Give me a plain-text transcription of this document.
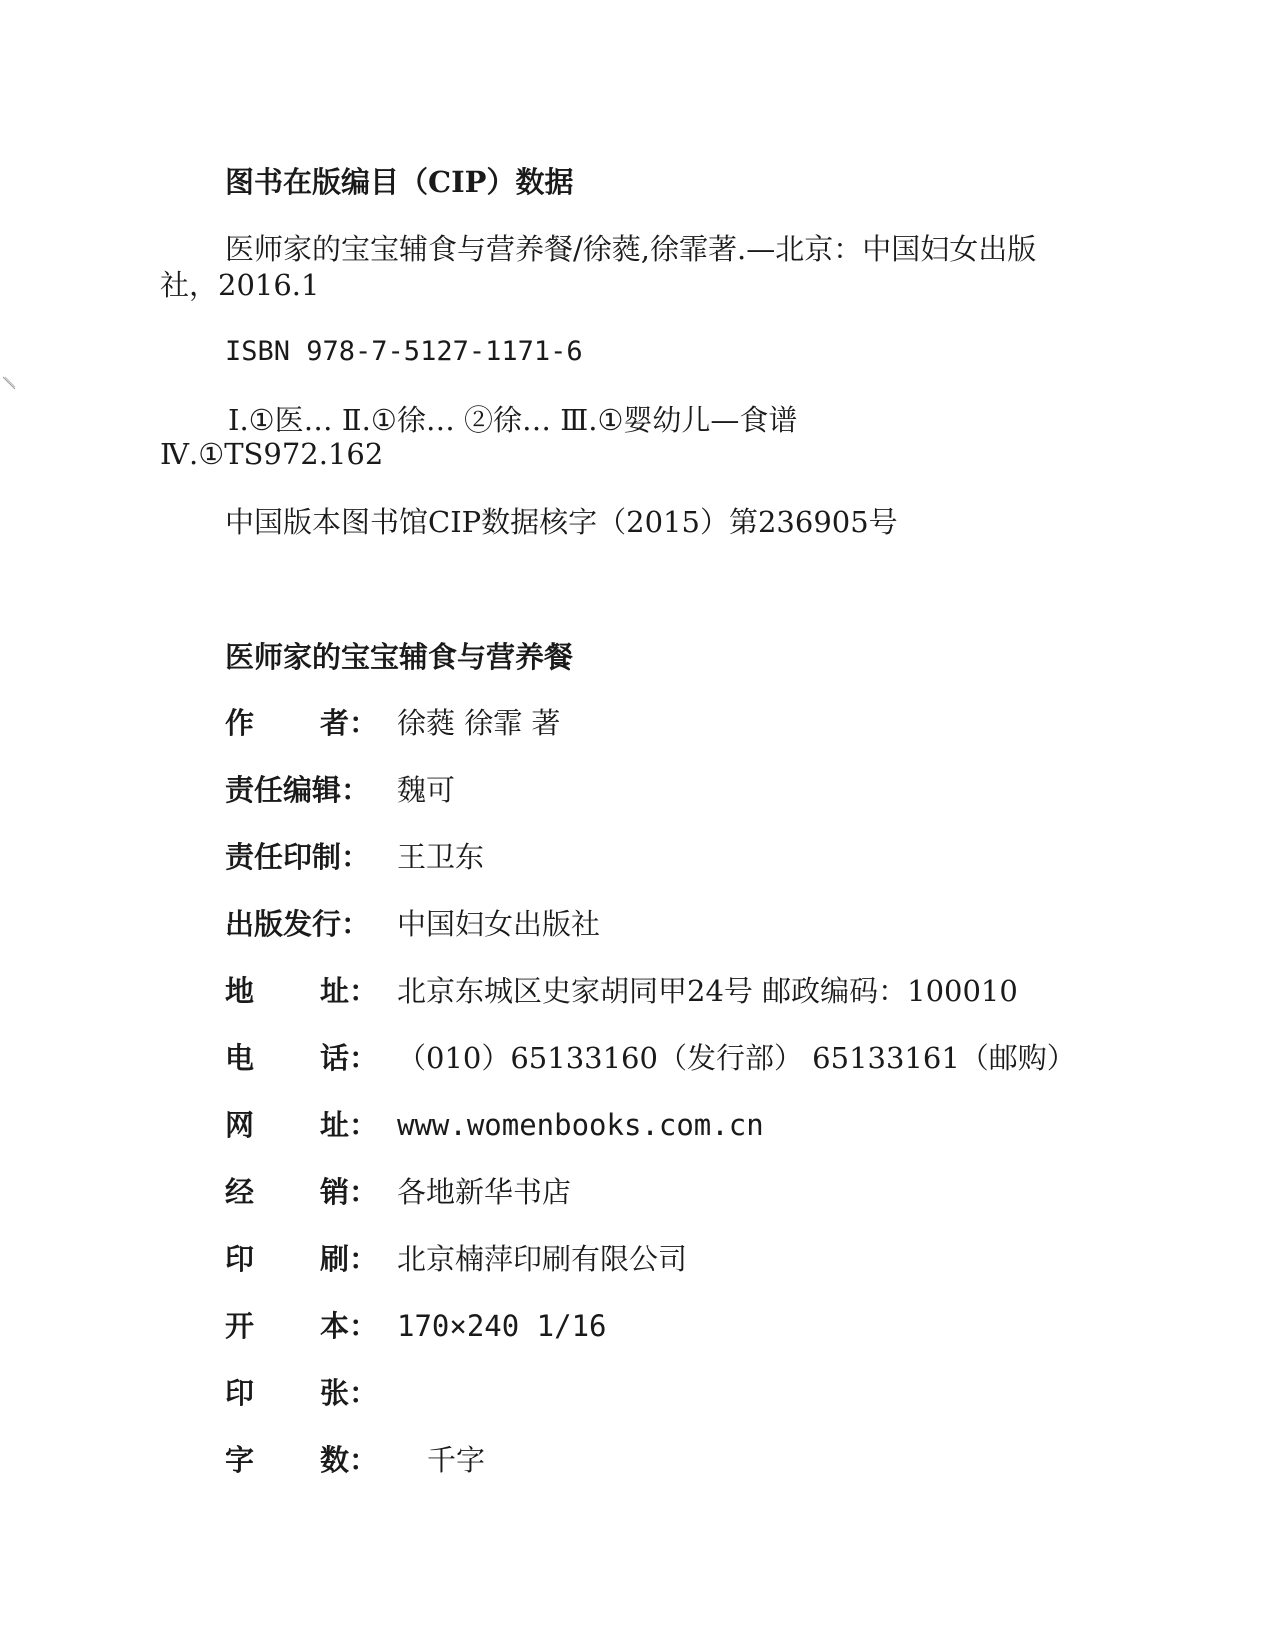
图书在版编目（CIP）数据
医师家的宝宝辅食与营养餐/徐蕤,徐霏著.—北京：中国妇女出版
社，2016.1
ISBN 978-7-5127-1171-6
Ⅰ.①医… Ⅱ.①徐… ②徐… Ⅲ.①婴幼儿—食谱
Ⅳ.①TS972.162
中国版本图书馆CIP数据核字（2015）第236905号
医师家的宝宝辅食与营养餐
作 者： 徐蕤 徐霏 著
责任编辑： 魏可
责任印制： 王卫东
出版发行： 中国妇女出版社
地 址： 北京东城区史家胡同甲24号 邮政编码：100010
电 话： （010）65133160（发行部） 65133161（邮购）
网 址： www.womenbooks.com.cn
经 销： 各地新华书店
印 刷： 北京楠萍印刷有限公司
开 本： 170×240 1/16
印 张：
字 数： 千字
